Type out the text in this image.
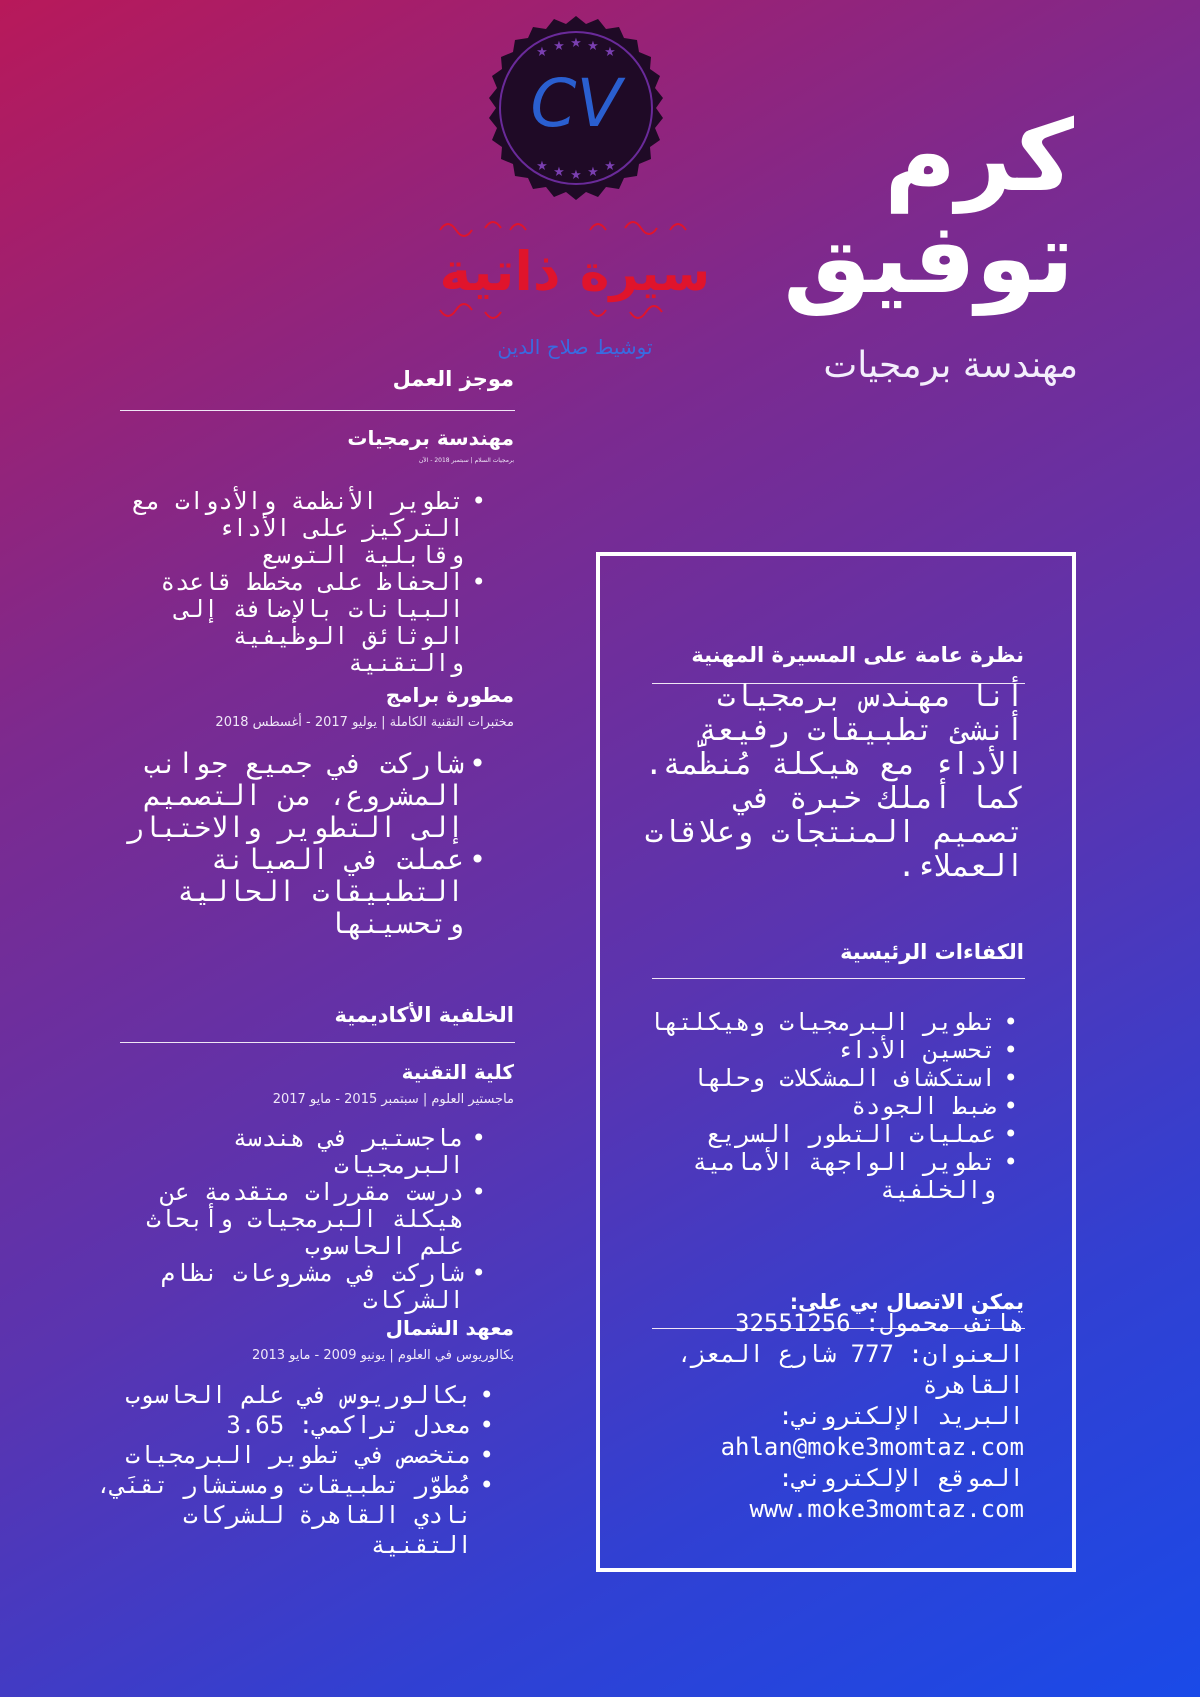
★ ★ ★ ★ ★
★ ★ ★ ★ ★
CV
ذاتية سيرة
توشيط صلاح الدين
كرم
توفيق
مهندسة برمجيات
موجز العمل
مهندسة برمجيات
برمجيات السلام | سبتمبر 2018 - الآن
• تطوير الأنظمة والأدوات مع التركيز على الأداء وقابلية التوسع
• الحفاظ على مخطط قاعدة البيانات بالإضافة إلى الوثائق الوظيفية والتقنية
مطورة برامج
مختبرات التقنية الكاملة | يوليو 2017 - أغسطس 2018
• شاركت في جميع جوانب المشروع، من التصميم إلى التطوير والاختبار
• عملت في الصيانة التطبيقات الحالية وتحسينها
الخلفية الأكاديمية
كلية التقنية
ماجستير العلوم | سبتمبر 2015 - مايو 2017
• ماجستير في هندسة البرمجيات
• درست مقررات متقدمة عن هيكلة البرمجيات وأبحاث علم الحاسوب
• شاركت في مشروعات نظام الشركات
معهد الشمال
بكالوريوس في العلوم | يونيو 2009 - مايو 2013
• بكالوريوس في علم الحاسوب
• معدل تراكمي: 3.65
• متخصص في تطوير البرمجيات
• مُطوّر تطبيقات ومستشار تقنَي، نادي القاهرة للشركات التقنية
نظرة عامة على المسيرة المهنية
أنا مهندس برمجيات أنشئ تطبيقات رفيعة الأداء مع هيكلة مُنظَّمة. كما أملك خبرة في تصميم المنتجات وعلاقات العملاء.
الكفاءات الرئيسية
• تطوير البرمجيات وهيكلتها
• تحسين الأداء
• استكشاف المشكلات وحلها
• ضبط الجودة
• عمليات التطور السريع
• تطوير الواجهة الأمامية والخلفية
يمكن الاتصال بي على:
هاتف محمول: 32551256
العنوان: 777 شارع المعز، القاهرة
البريد الإلكتروني:
ahlan@moke3momtaz.com
الموقع الإلكتروني:
www.moke3momtaz.com
